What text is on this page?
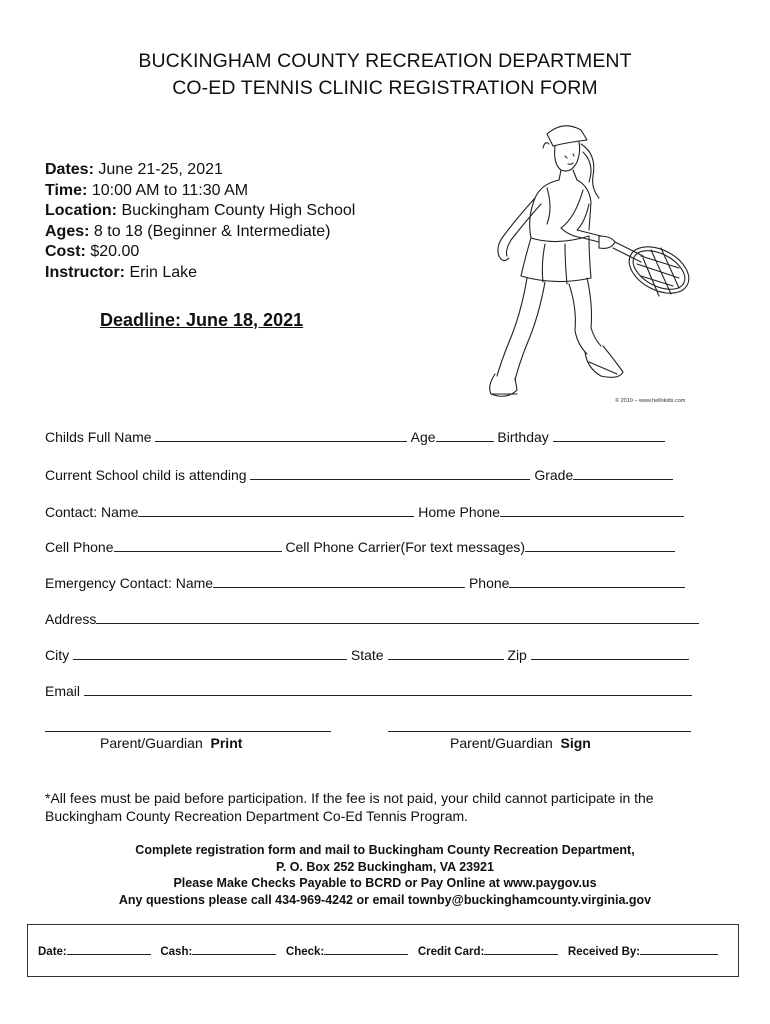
BUCKINGHAM COUNTY RECREATION DEPARTMENT
CO-ED TENNIS CLINIC REGISTRATION FORM
Dates: June 21-25, 2021
Time: 10:00 AM to 11:30 AM
Location: Buckingham County High School
Ages: 8 to 18 (Beginner & Intermediate)
Cost: $20.00
Instructor: Erin Lake
Deadline: June 18, 2021
© 2010 – www.hellokids.com
Childs Full Name	Age	Birthday
Current School child is attending	Grade
Contact: Name	Home Phone
Cell Phone	Cell Phone Carrier(For text messages)
Emergency Contact: Name	Phone
Address
City	State	Zip
Email
Parent/Guardian Print	Parent/Guardian Sign
*All fees must be paid before participation. If the fee is not paid, your child cannot participate in the Buckingham County Recreation Department Co-Ed Tennis Program.
Complete registration form and mail to Buckingham County Recreation Department,
P. O. Box 252 Buckingham, VA 23921
Please Make Checks Payable to BCRD or Pay Online at www.paygov.us
Any questions please call 434-969-4242 or email townby@buckinghamcounty.virginia.gov
Date:	Cash:	Check:	Credit Card:	Received By:
